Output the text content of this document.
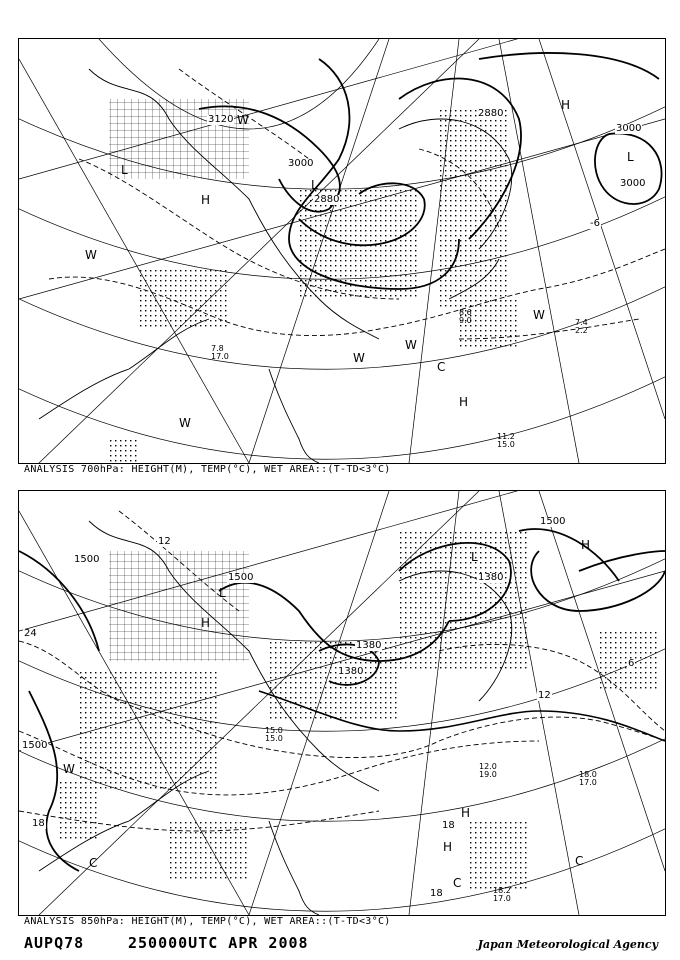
3120
3000
2880
2880
3000
3000
-6
L
L
L
H
H
C
W
W
W
W
W
H
W
7.4
2.2
11.2
15.0
7.8
17.0
8.6
9.0
ANALYSIS 700hPa: HEIGHT(M), TEMP(°C), WET AREA::(T-TD<3°C)
1500
1500
1500
1500
1380
1380
1380
12
6
12
18	18
18
24
H
H
H
L
L
C
C
C
H
W	12.0
19.0
15.0
15.0
18.2
17.0
18.0
17.0
ANALYSIS 850hPa: HEIGHT(M), TEMP(°C), WET AREA::(T-TD<3°C)
AUPQ78	250000UTC APR 2008	Japan Meteorological Agency
